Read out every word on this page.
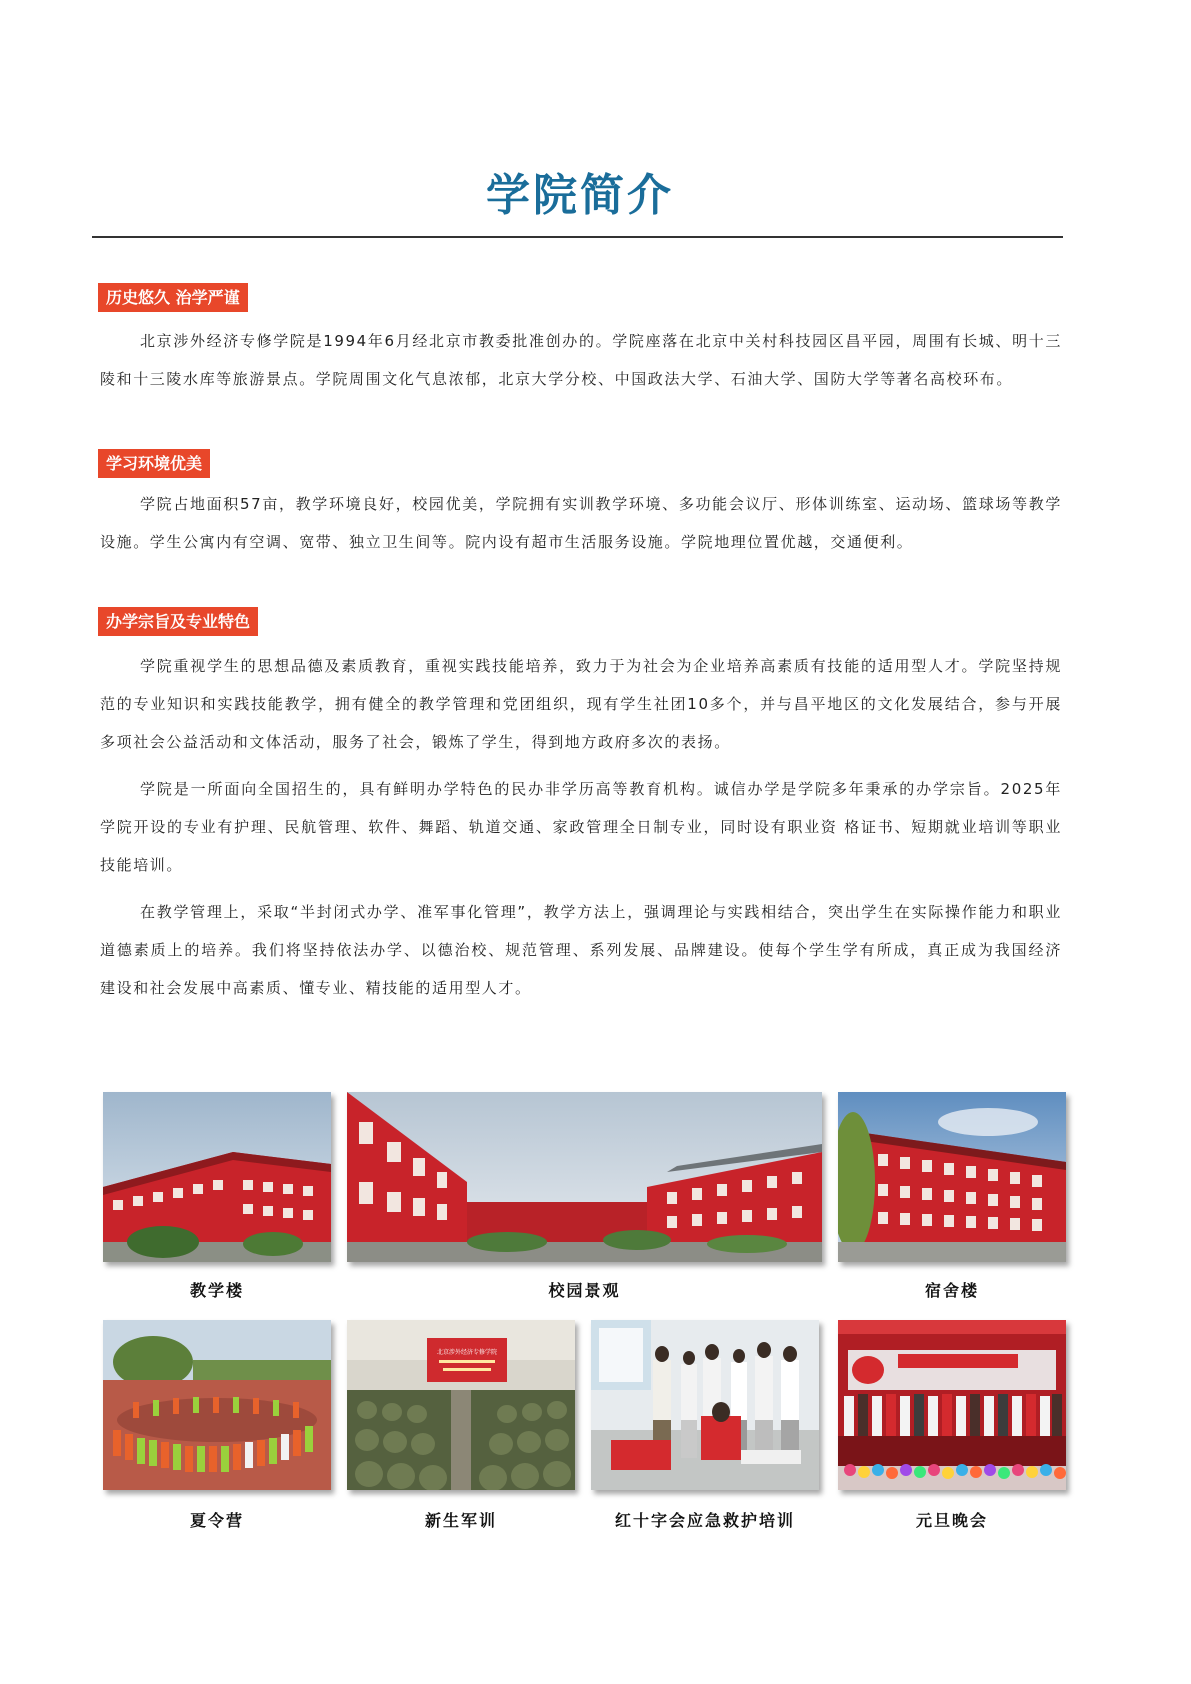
学院简介
历史悠久 治学严谨

北京涉外经济专修学院是1994年6月经北京市教委批准创办的。学院座落在北京中关村科技园区昌平园，周围有长城、明十三陵和十三陵水库等旅游景点。学院周围文化气息浓郁，北京大学分校、中国政法大学、石油大学、国防大学等著名高校环布。

学习环境优美

学院占地面积57亩，教学环境良好，校园优美，学院拥有实训教学环境、多功能会议厅、形体训练室、运动场、篮球场等教学设施。学生公寓内有空调、宽带、独立卫生间等。院内设有超市生活服务设施。学院地理位置优越，交通便利。

办学宗旨及专业特色

学院重视学生的思想品德及素质教育，重视实践技能培养，致力于为社会为企业培养高素质有技能的适用型人才。学院坚持规范的专业知识和实践技能教学，拥有健全的教学管理和党团组织，现有学生社团10多个，并与昌平地区的文化发展结合，参与开展多项社会公益活动和文体活动，服务了社会，锻炼了学生，得到地方政府多次的表扬。

学院是一所面向全国招生的，具有鲜明办学特色的民办非学历高等教育机构。诚信办学是学院多年秉承的办学宗旨。2025年学院开设的专业有护理、民航管理、软件、舞蹈、轨道交通、家政管理全日制专业，同时设有职业资 格证书、短期就业培训等职业技能培训。

在教学管理上，采取“半封闭式办学、准军事化管理”，教学方法上，强调理论与实践相结合，突出学生在实际操作能力和职业道德素质上的培养。我们将坚持依法办学、以德治校、规范管理、系列发展、品牌建设。使每个学生学有所成，真正成为我国经济建设和社会发展中高素质、懂专业、精技能的适用型人才。

教学楼	校园景观	宿舍楼
夏令营
北京涉外经济专修学院
新生军训	红十字会应急救护培训	元旦晚会
